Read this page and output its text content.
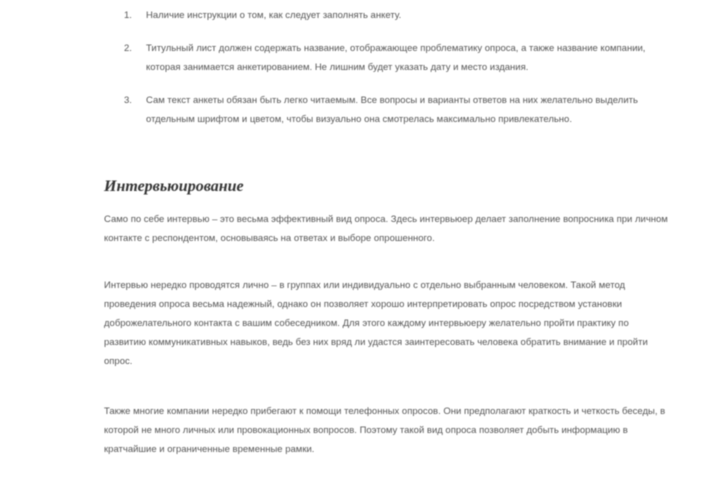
1. Наличие инструкции о том, как следует заполнять анкету.
2. Титульный лист должен содержать название, отображающее проблематику опроса, а также название компании, которая занимается анкетированием. Не лишним будет указать дату и место издания.
3. Сам текст анкеты обязан быть легко читаемым. Все вопросы и варианты ответов на них желательно выделить отдельным шрифтом и цветом, чтобы визуально она смотрелась максимально привлекательно.
Интервьюирование

Само по себе интервью – это весьма эффективный вид опроса. Здесь интервьюер делает заполнение вопросника при личном контакте с респондентом, основываясь на ответах и выборе опрошенного.

Интервью нередко проводятся лично – в группах или индивидуально с отдельно выбранным человеком. Такой метод проведения опроса весьма надежный, однако он позволяет хорошо интерпретировать опрос посредством установки доброжелательного контакта с вашим собеседником. Для этого каждому интервьюеру желательно пройти практику по развитию коммуникативных навыков, ведь без них вряд ли удастся заинтересовать человека обратить внимание и пройти опрос.

Также многие компании нередко прибегают к помощи телефонных опросов. Они предполагают краткость и четкость беседы, в которой не много личных или провокационных вопросов. Поэтому такой вид опроса позволяет добыть информацию в кратчайшие и ограниченные временные рамки.
